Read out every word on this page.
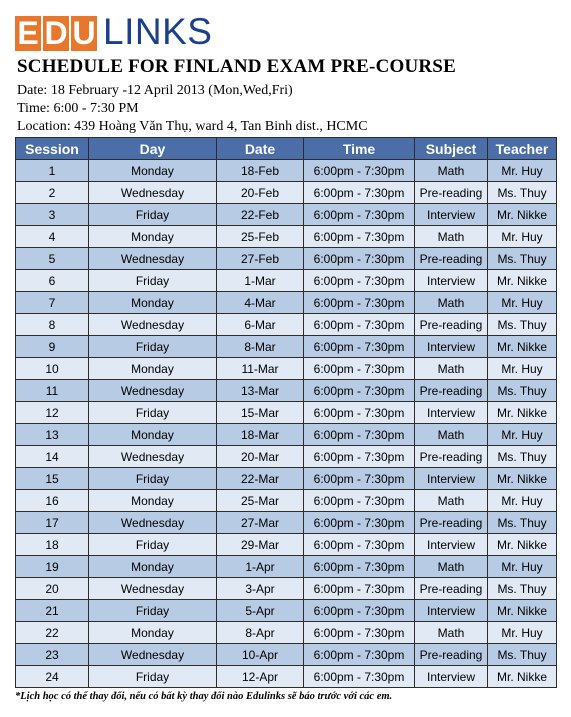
E D U LINKS
SCHEDULE FOR FINLAND EXAM PRE-COURSE
Date: 18 February -12 April 2013 (Mon,Wed,Fri)
Time: 6:00 - 7:30 PM
Location: 439 Hoàng Văn Thụ, ward 4, Tan Binh dist., HCMC
Session	Day	Date	Time	Subject	Teacher
1	Monday	18-Feb	6:00pm - 7:30pm	Math	Mr. Huy
2	Wednesday	20-Feb	6:00pm - 7:30pm	Pre-reading	Ms. Thuy
3	Friday	22-Feb	6:00pm - 7:30pm	Interview	Mr. Nikke
4	Monday	25-Feb	6:00pm - 7:30pm	Math	Mr. Huy
5	Wednesday	27-Feb	6:00pm - 7:30pm	Pre-reading	Ms. Thuy
6	Friday	1-Mar	6:00pm - 7:30pm	Interview	Mr. Nikke
7	Monday	4-Mar	6:00pm - 7:30pm	Math	Mr. Huy
8	Wednesday	6-Mar	6:00pm - 7:30pm	Pre-reading	Ms. Thuy
9	Friday	8-Mar	6:00pm - 7:30pm	Interview	Mr. Nikke
10	Monday	11-Mar	6:00pm - 7:30pm	Math	Mr. Huy
11	Wednesday	13-Mar	6:00pm - 7:30pm	Pre-reading	Ms. Thuy
12	Friday	15-Mar	6:00pm - 7:30pm	Interview	Mr. Nikke
13	Monday	18-Mar	6:00pm - 7:30pm	Math	Mr. Huy
14	Wednesday	20-Mar	6:00pm - 7:30pm	Pre-reading	Ms. Thuy
15	Friday	22-Mar	6:00pm - 7:30pm	Interview	Mr. Nikke
16	Monday	25-Mar	6:00pm - 7:30pm	Math	Mr. Huy
17	Wednesday	27-Mar	6:00pm - 7:30pm	Pre-reading	Ms. Thuy
18	Friday	29-Mar	6:00pm - 7:30pm	Interview	Mr. Nikke
19	Monday	1-Apr	6:00pm - 7:30pm	Math	Mr. Huy
20	Wednesday	3-Apr	6:00pm - 7:30pm	Pre-reading	Ms. Thuy
21	Friday	5-Apr	6:00pm - 7:30pm	Interview	Mr. Nikke
22	Monday	8-Apr	6:00pm - 7:30pm	Math	Mr. Huy
23	Wednesday	10-Apr	6:00pm - 7:30pm	Pre-reading	Ms. Thuy
24	Friday	12-Apr	6:00pm - 7:30pm	Interview	Mr. Nikke
*Lịch học có thể thay đổi, nếu có bất kỳ thay đổi nào Edulinks sẽ báo trước với các em.
